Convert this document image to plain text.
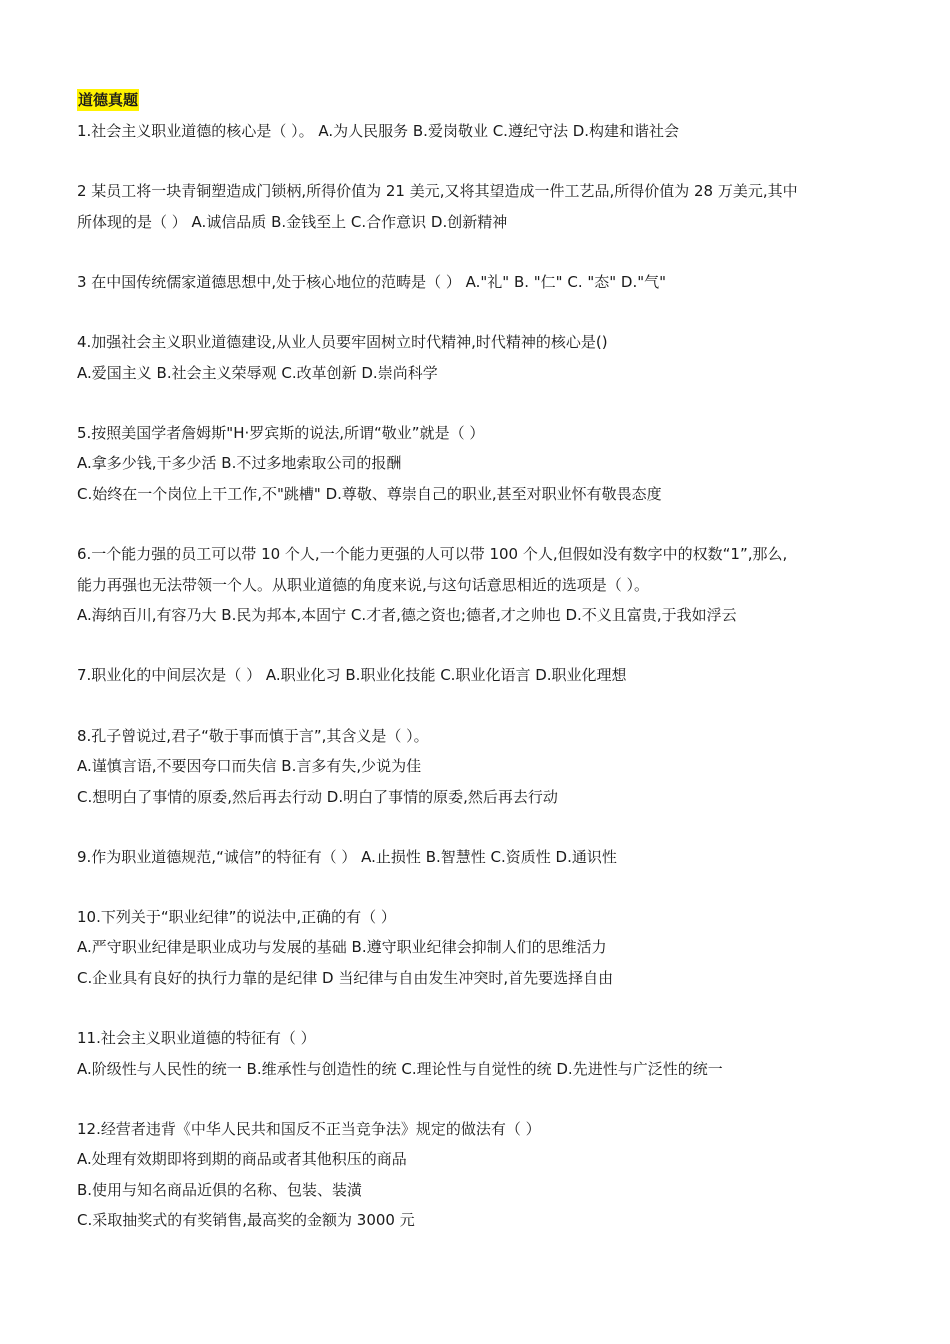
道德真题
1.社会主义职业道德的核心是（ ）。 A.为人民服务 B.爱岗敬业 C.遵纪守法 D.构建和谐社会
2 某员工将一块青铜塑造成门锁柄,所得价值为 21 美元,又将其望造成一件工艺品,所得价值为 28 万美元,其中
所体现的是（ ） A.诚信品质 B.金钱至上 C.合作意识 D.创新精神
3 在中国传统儒家道德思想中,处于核心地位的范畴是（ ） A."礼" B. "仁" C. "态" D."气"
4.加强社会主义职业道德建设,从业人员要牢固树立时代精神,时代精神的核心是()
A.爱国主义 B.社会主义荣辱观 C.改革创新 D.崇尚科学
5.按照美国学者詹姆斯"H·罗宾斯的说法,所谓“敬业”就是（ ）
A.拿多少钱,干多少活 B.不过多地索取公司的报酬
C.始终在一个岗位上干工作,不"跳槽" D.尊敬、尊崇自己的职业,甚至对职业怀有敬畏态度
6.一个能力强的员工可以带 10 个人,一个能力更强的人可以带 100 个人,但假如没有数字中的权数“1”,那么,
能力再强也无法带领一个人。从职业道德的角度来说,与这句话意思相近的选项是（ ）。
A.海纳百川,有容乃大 B.民为邦本,本固宁 C.才者,德之资也;德者,才之帅也 D.不义且富贵,于我如浮云
7.职业化的中间层次是（ ） A.职业化习 B.职业化技能 C.职业化语言 D.职业化理想
8.孔子曾说过,君子“敬于事而慎于言”,其含义是（ ）。
A.谨慎言语,不要因夸口而失信 B.言多有失,少说为佳
C.想明白了事情的原委,然后再去行动 D.明白了事情的原委,然后再去行动
9.作为职业道德规范,“诚信”的特征有（ ） A.止损性 B.智慧性 C.资质性 D.通识性
10.下列关于“职业纪律”的说法中,正确的有（ ）
A.严守职业纪律是职业成功与发展的基础 B.遵守职业纪律会抑制人们的思维活力
C.企业具有良好的执行力靠的是纪律 D 当纪律与自由发生冲突时,首先要选择自由
11.社会主义职业道德的特征有（ ）
A.阶级性与人民性的统一 B.维承性与创造性的统 C.理论性与自觉性的统 D.先进性与广泛性的统一
12.经营者违背《中华人民共和国反不正当竞争法》规定的做法有（ ）
A.处理有效期即将到期的商品或者其他积压的商品
B.使用与知名商品近俱的名称、包装、装潢
C.采取抽奖式的有奖销售,最高奖的金额为 3000 元
